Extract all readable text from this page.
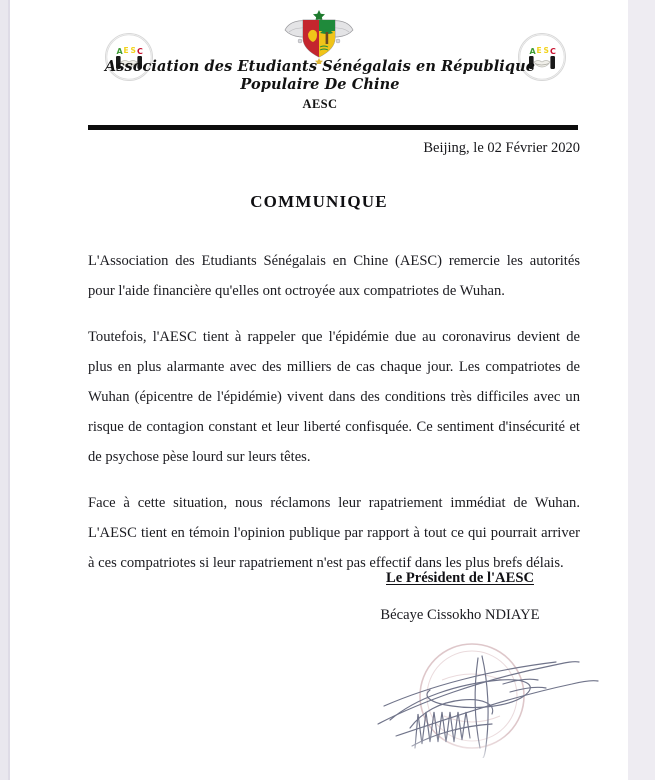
A E S C	A E S C
Association des Etudiants Sénégalais en République
Populaire De Chine
AESC
Beijing, le 02 Février 2020
COMMUNIQUE

L'Association des Etudiants Sénégalais en Chine (AESC) remercie les autorités pour l'aide financière qu'elles ont octroyée aux compatriotes de Wuhan.

Toutefois, l'AESC tient à rappeler que l'épidémie due au coronavirus devient de plus en plus alarmante avec des milliers de cas chaque jour. Les compatriotes de Wuhan (épicentre de l'épidémie) vivent dans des conditions très difficiles avec un risque de contagion constant et leur liberté confisquée. Ce sentiment d'insécurité et de psychose pèse lourd sur leurs têtes.

Face à cette situation, nous réclamons leur rapatriement immédiat de Wuhan. L'AESC tient en témoin l'opinion publique par rapport à tout ce qui pourrait arriver à ces compatriotes si leur rapatriement n'est pas effectif dans les plus brefs délais.

Le Président de l'AESC
Bécaye Cissokho NDIAYE
